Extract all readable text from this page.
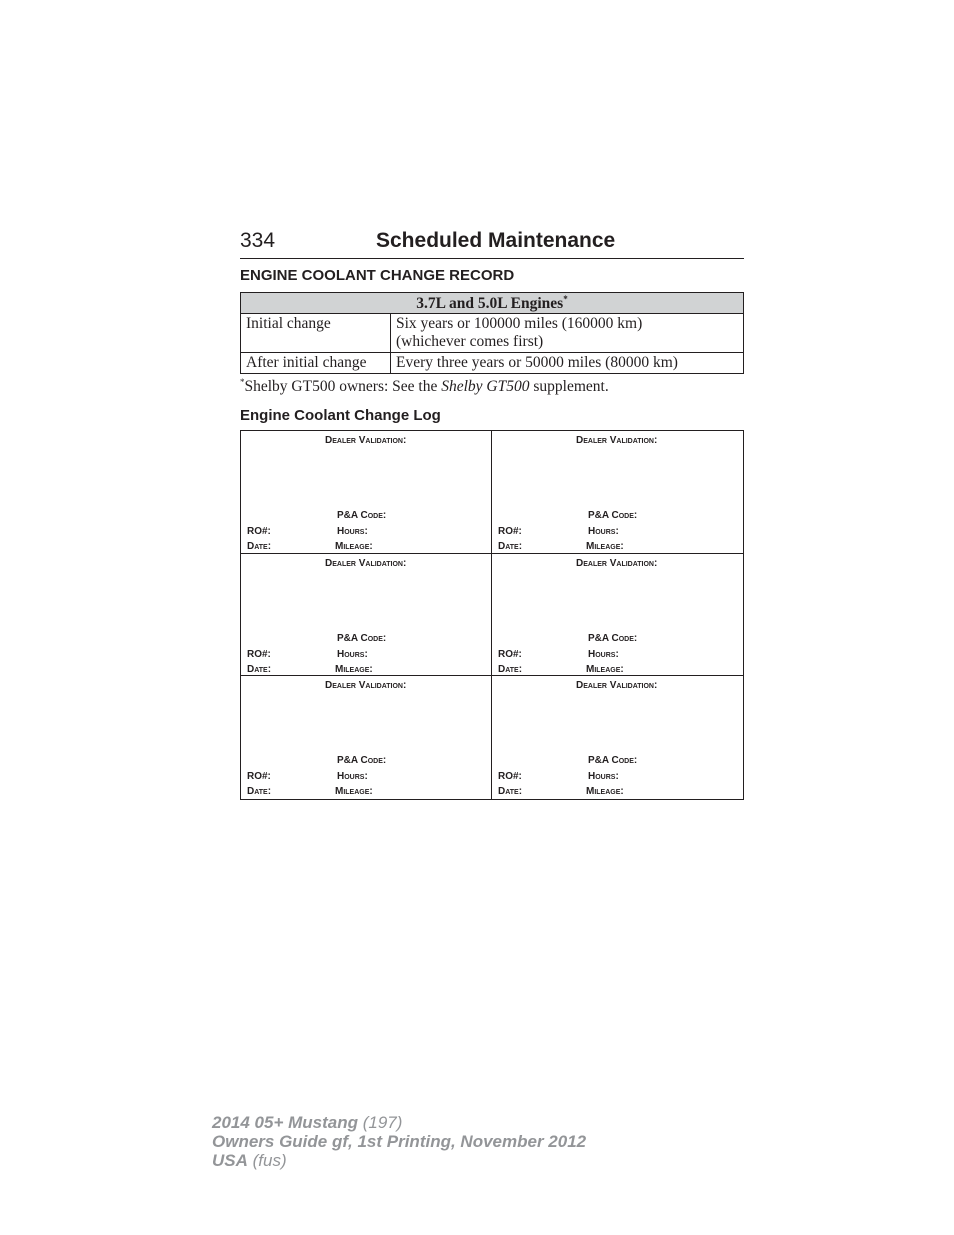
334	Scheduled Maintenance
ENGINE COOLANT CHANGE RECORD
3.7L and 5.0L Engines*
Initial change	Six years or 100000 miles (160000 km)
(whichever comes first)
After initial change	Every three years or 50000 miles (80000 km)
*Shelby GT500 owners: See the Shelby GT500 supplement.
Engine Coolant Change Log
Dealer Validation:
P&A Code:
RO#:	Hours:
Date:	Mileage:
Dealer Validation:
P&A Code:
RO#:	Hours:
Date:	Mileage:
Dealer Validation:
P&A Code:
RO#:	Hours:
Date:	Mileage:
Dealer Validation:
P&A Code:
RO#:	Hours:
Date:	Mileage:
Dealer Validation:
P&A Code:
RO#:	Hours:
Date:	Mileage:
Dealer Validation:
P&A Code:
RO#:	Hours:
Date:	Mileage:
2014 05+ Mustang (197)
Owners Guide gf, 1st Printing, November 2012
USA (fus)
